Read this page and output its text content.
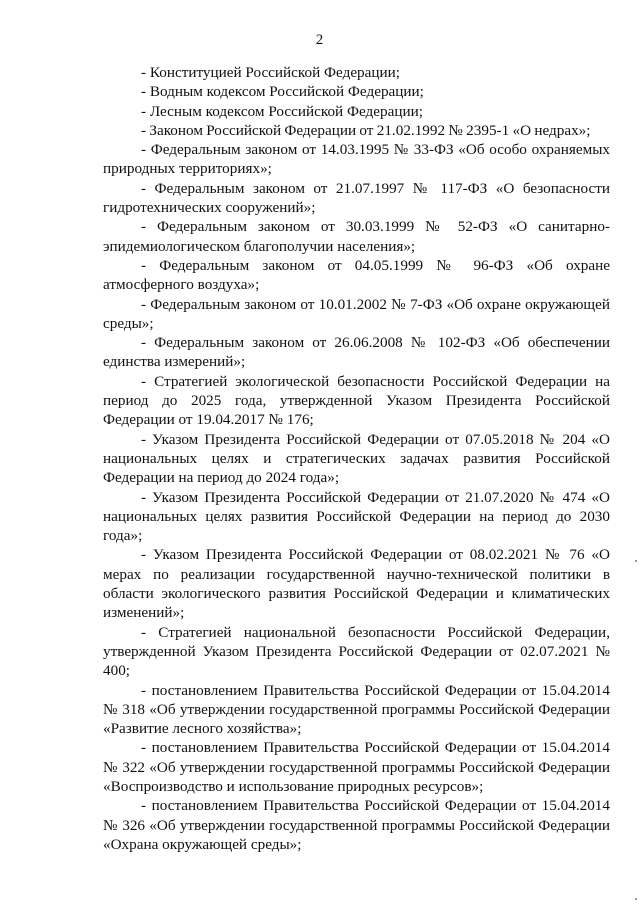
2

- Конституцией Российской Федерации;

- Водным кодексом Российской Федерации;

- Лесным кодексом Российской Федерации;

- Законом Российской Федерации от 21.02.1992 № 2395-1 «О недрах»;

- Федеральным законом от 14.03.1995 № 33-ФЗ «Об особо охраняемых природных территориях»;

- Федеральным законом от 21.07.1997 № 117-ФЗ «О безопасности гидротехнических сооружений»;

- Федеральным законом от 30.03.1999 № 52-ФЗ «О санитарно-эпидемиологическом благополучии населения»;

- Федеральным законом от 04.05.1999 № 96-ФЗ «Об охране атмосферного воздуха»;

- Федеральным законом от 10.01.2002 № 7-ФЗ «Об охране окружающей среды»;

- Федеральным законом от 26.06.2008 № 102-ФЗ «Об обеспечении единства измерений»;

- Стратегией экологической безопасности Российской Федерации на период до 2025 года, утвержденной Указом Президента Российской Федерации от 19.04.2017 № 176;

- Указом Президента Российской Федерации от 07.05.2018 № 204 «О национальных целях и стратегических задачах развития Российской Федерации на период до 2024 года»;

- Указом Президента Российской Федерации от 21.07.2020 № 474 «О национальных целях развития Российской Федерации на период до 2030 года»;

- Указом Президента Российской Федерации от 08.02.2021 № 76 «О мерах по реализации государственной научно-технической политики в области экологического развития Российской Федерации и климатических изменений»;

- Стратегией национальной безопасности Российской Федерации, утвержденной Указом Президента Российской Федерации от 02.07.2021 № 400;

- постановлением Правительства Российской Федерации от 15.04.2014 № 318 «Об утверждении государственной программы Российской Федерации «Развитие лесного хозяйства»;

- постановлением Правительства Российской Федерации от 15.04.2014 № 322 «Об утверждении государственной программы Российской Федерации «Воспроизводство и использование природных ресурсов»;

- постановлением Правительства Российской Федерации от 15.04.2014 № 326 «Об утверждении государственной программы Российской Федерации «Охрана окружающей среды»;
